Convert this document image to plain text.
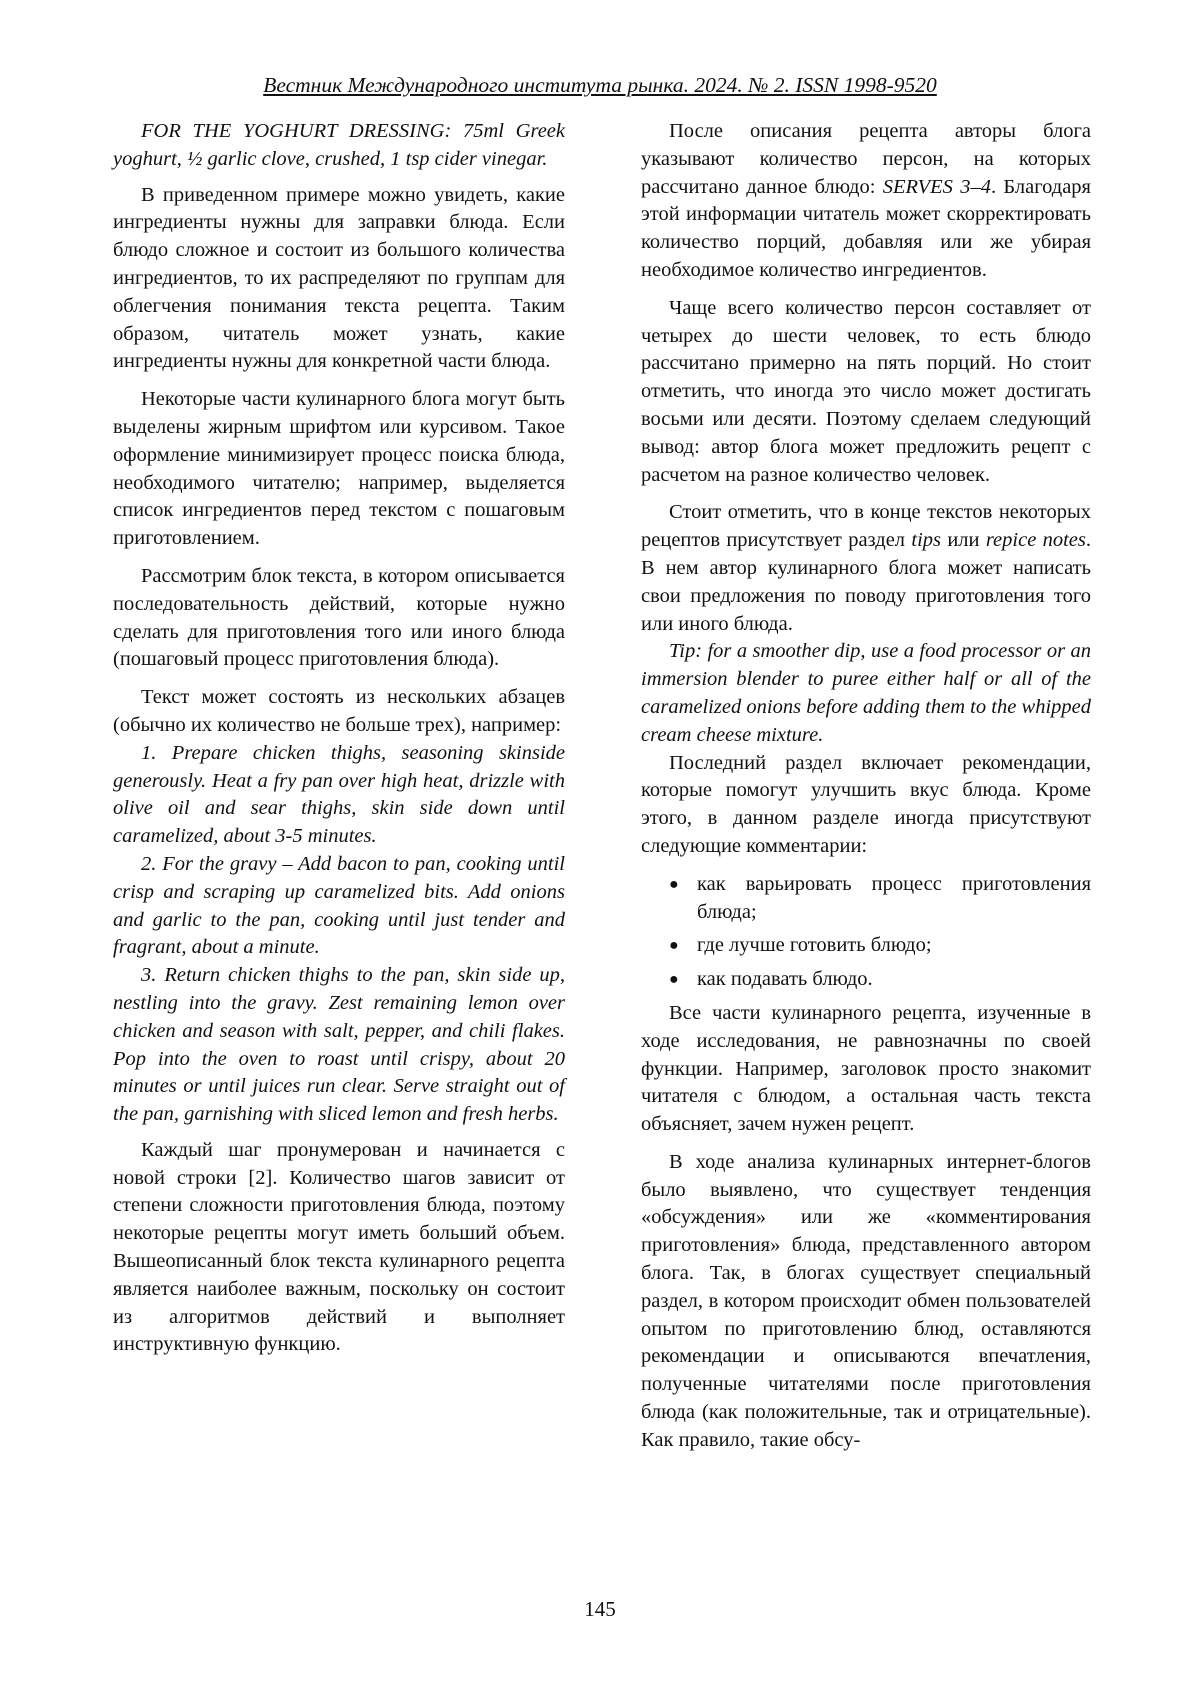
Вестник Международного института рынка. 2024. № 2. ISSN 1998-9520

FOR THE YOGHURT DRESSING: 75ml Greek yoghurt, ½ garlic clove, crushed, 1 tsp cider vinegar.

В приведенном примере можно увидеть, какие ингредиенты нужны для заправки блюда. Если блюдо сложное и состоит из большого количества ингредиентов, то их распределяют по группам для облегчения понимания текста рецепта. Таким образом, читатель может узнать, какие ингредиенты нужны для конкретной части блюда.

Некоторые части кулинарного блога могут быть выделены жирным шрифтом или курсивом. Такое оформление минимизирует процесс поиска блюда, необходимого читателю; например, выделяется список ингредиентов перед текстом с пошаговым приготовлением.

Рассмотрим блок текста, в котором описывается последовательность действий, которые нужно сделать для приготовления того или иного блюда (пошаговый процесс приготовления блюда).

Текст может состоять из нескольких абзацев (обычно их количество не больше трех), например:

1. Prepare chicken thighs, seasoning skinside generously. Heat a fry pan over high heat, drizzle with olive oil and sear thighs, skin side down until caramelized, about 3-5 minutes.

2. For the gravy – Add bacon to pan, cooking until crisp and scraping up caramelized bits. Add onions and garlic to the pan, cooking until just tender and fragrant, about a minute.

3. Return chicken thighs to the pan, skin side up, nestling into the gravy. Zest remaining lemon over chicken and season with salt, pepper, and chili flakes. Pop into the oven to roast until crispy, about 20 minutes or until juices run clear. Serve straight out of the pan, garnishing with sliced lemon and fresh herbs.

Каждый шаг пронумерован и начинается с новой строки [2]. Количество шагов зависит от степени сложности приготовления блюда, поэтому некоторые рецепты могут иметь больший объем. Вышеописанный блок текста кулинарного рецепта является наиболее важным, поскольку он состоит из алгоритмов действий и выполняет инструктивную функцию.

После описания рецепта авторы блога указывают количество персон, на которых рассчитано данное блюдо: SERVES 3–4. Благодаря этой информации читатель может скорректировать количество порций, добавляя или же убирая необходимое количество ингредиентов.

Чаще всего количество персон составляет от четырех до шести человек, то есть блюдо рассчитано примерно на пять порций. Но стоит отметить, что иногда это число может достигать восьми или десяти. Поэтому сделаем следующий вывод: автор блога может предложить рецепт с расчетом на разное количество человек.

Стоит отметить, что в конце текстов некоторых рецептов присутствует раздел tips или repice notes. В нем автор кулинарного блога может написать свои предложения по поводу приготовления того или иного блюда.

Tip: for a smoother dip, use a food processor or an immersion blender to puree either half or all of the caramelized onions before adding them to the whipped cream cheese mixture.

Последний раздел включает рекомендации, которые помогут улучшить вкус блюда. Кроме этого, в данном разделе иногда присутствуют следующие комментарии:

● как варьировать процесс приготовления блюда;
● где лучше готовить блюдо;
● как подавать блюдо.

Все части кулинарного рецепта, изученные в ходе исследования, не равнозначны по своей функции. Например, заголовок просто знакомит читателя с блюдом, а остальная часть текста объясняет, зачем нужен рецепт.

В ходе анализа кулинарных интернет-блогов было выявлено, что существует тенденция «обсуждения» или же «комментирования приготовления» блюда, представленного автором блога. Так, в блогах существует специальный раздел, в котором происходит обмен пользователей опытом по приготовлению блюд, оставляются рекомендации и описываются впечатления, полученные читателями после приготовления блюда (как положительные, так и отрицательные). Как правило, такие обсу-

145
